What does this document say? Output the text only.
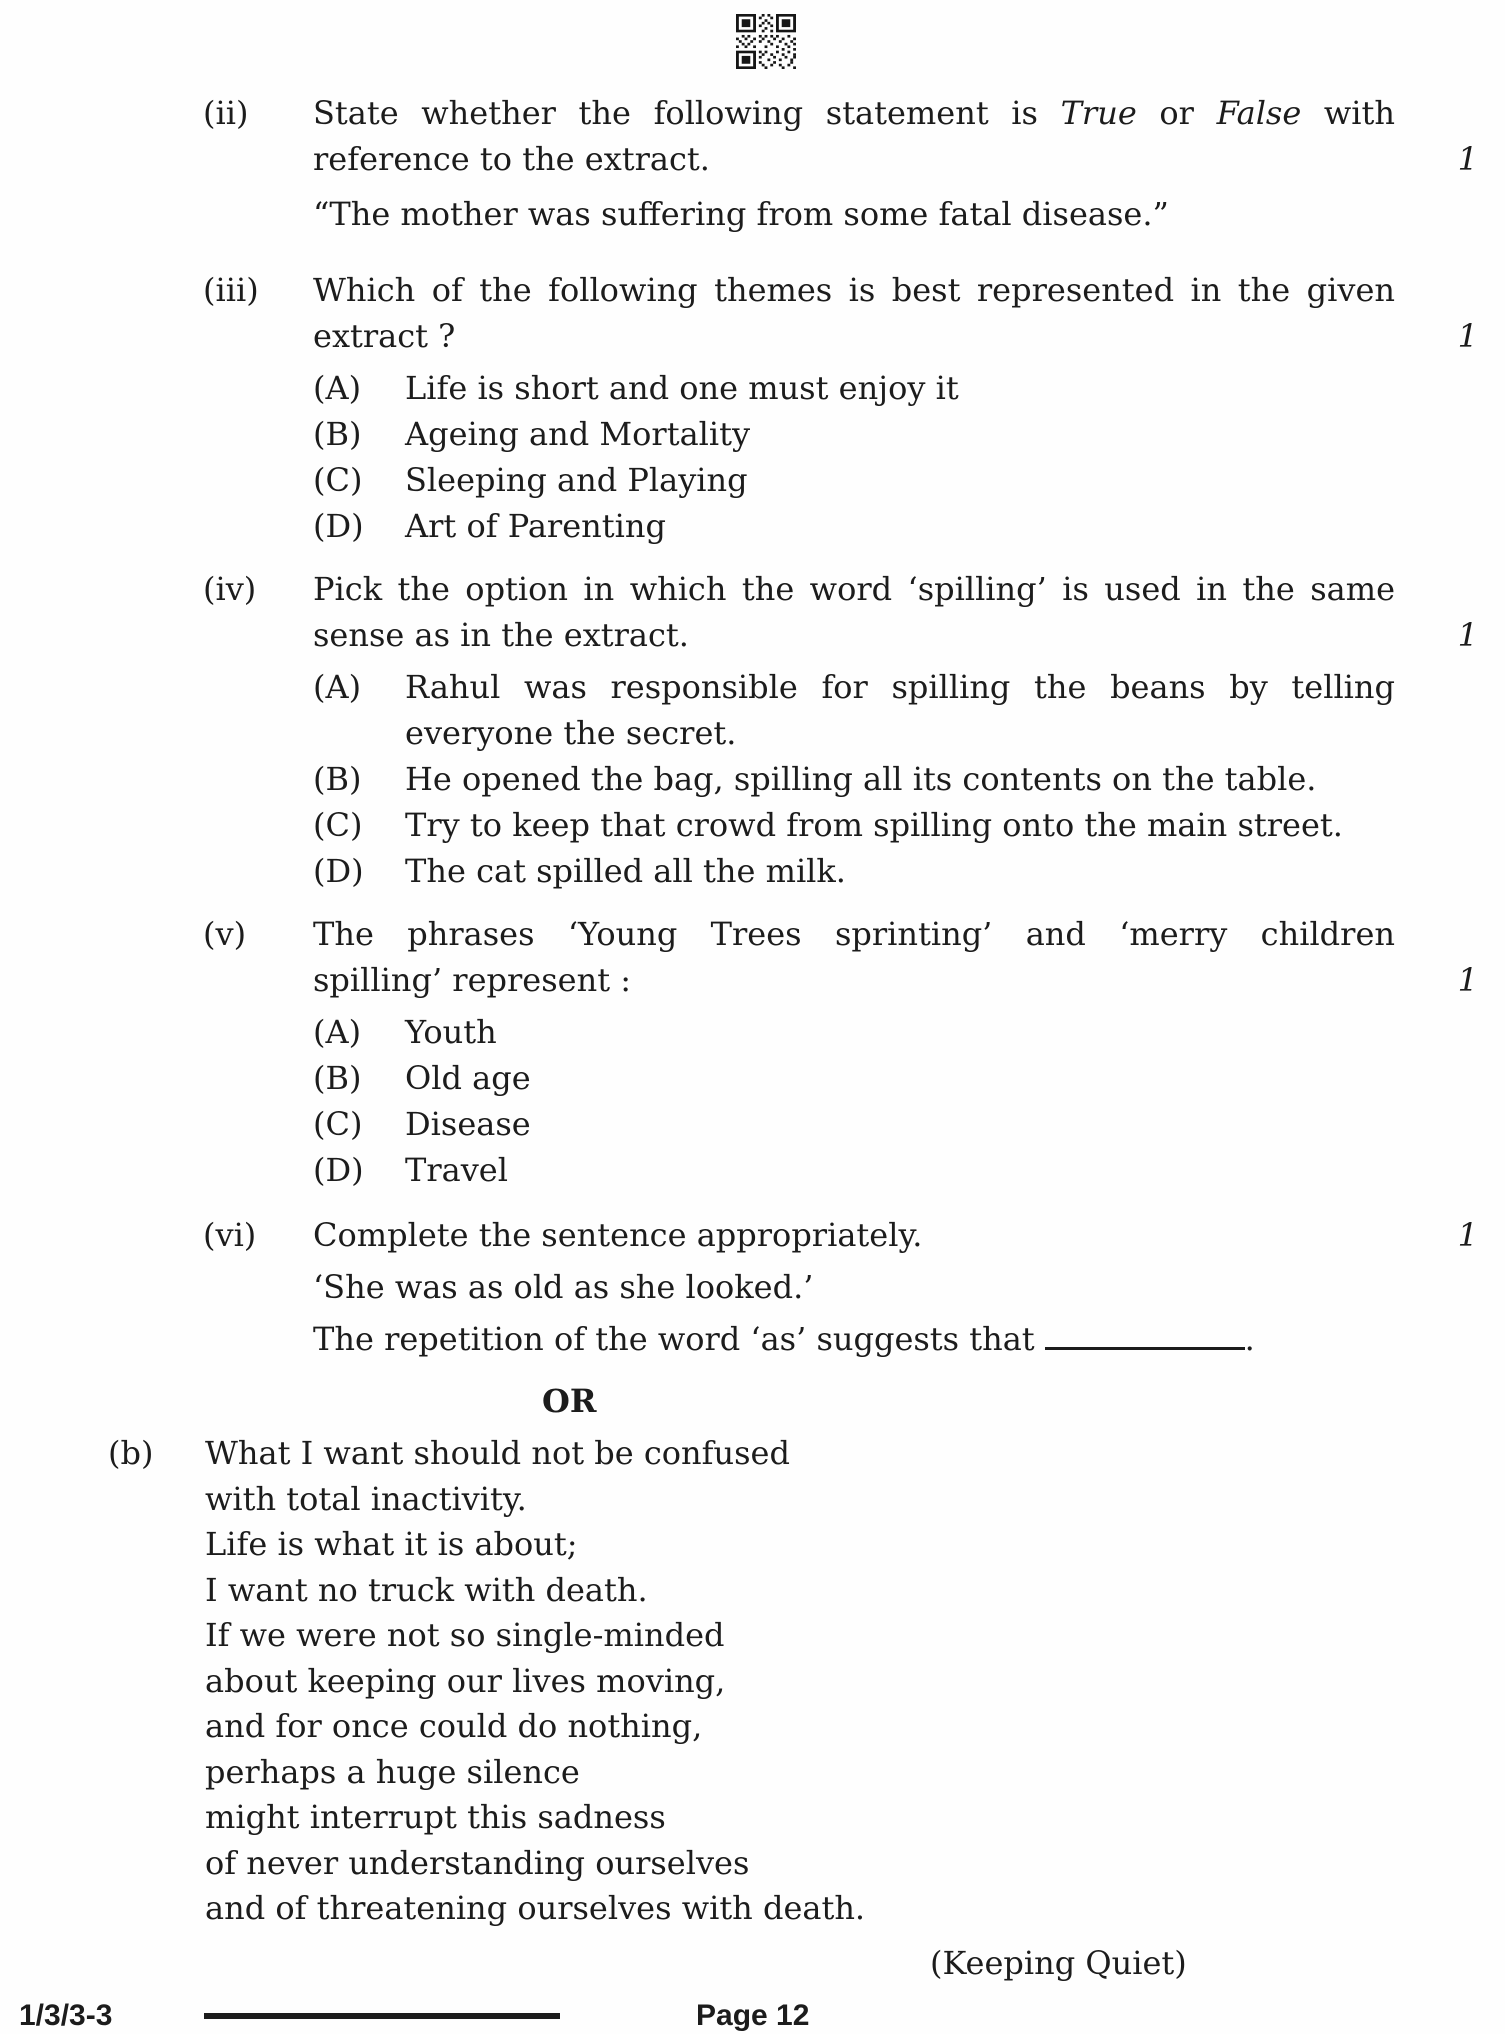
(ii)	State whether the following statement is True or False with
reference to the extract.
“The mother was suffering from some fatal disease.”
1
(iii)	Which of the following themes is best represented in the given
extract ?
(A)	Life is short and one must enjoy it
(B)	Ageing and Mortality
(C)	Sleeping and Playing
(D)	Art of Parenting
1
(iv)	Pick the option in which the word ‘spilling’ is used in the same
sense as in the extract.
(A)	Rahul was responsible for spilling the beans by telling
everyone the secret.
(B)	He opened the bag, spilling all its contents on the table.
(C)	Try to keep that crowd from spilling onto the main street.
(D)	The cat spilled all the milk.
1
(v)	The phrases ‘Young Trees sprinting’ and ‘merry children
spilling’ represent :
(A)	Youth
(B)	Old age
(C)	Disease
(D)	Travel
1
(vi)	Complete the sentence appropriately.
‘She was as old as she looked.’
The repetition of the word ‘as’ suggests that	.
1
OR
(b)	What I want should not be confused
with total inactivity.
Life is what it is about;
I want no truck with death.
If we were not so single-minded
about keeping our lives moving,
and for once could do nothing,
perhaps a huge silence
might interrupt this sadness
of never understanding ourselves
and of threatening ourselves with death.
(Keeping Quiet)
1/3/3-3	Page 12
